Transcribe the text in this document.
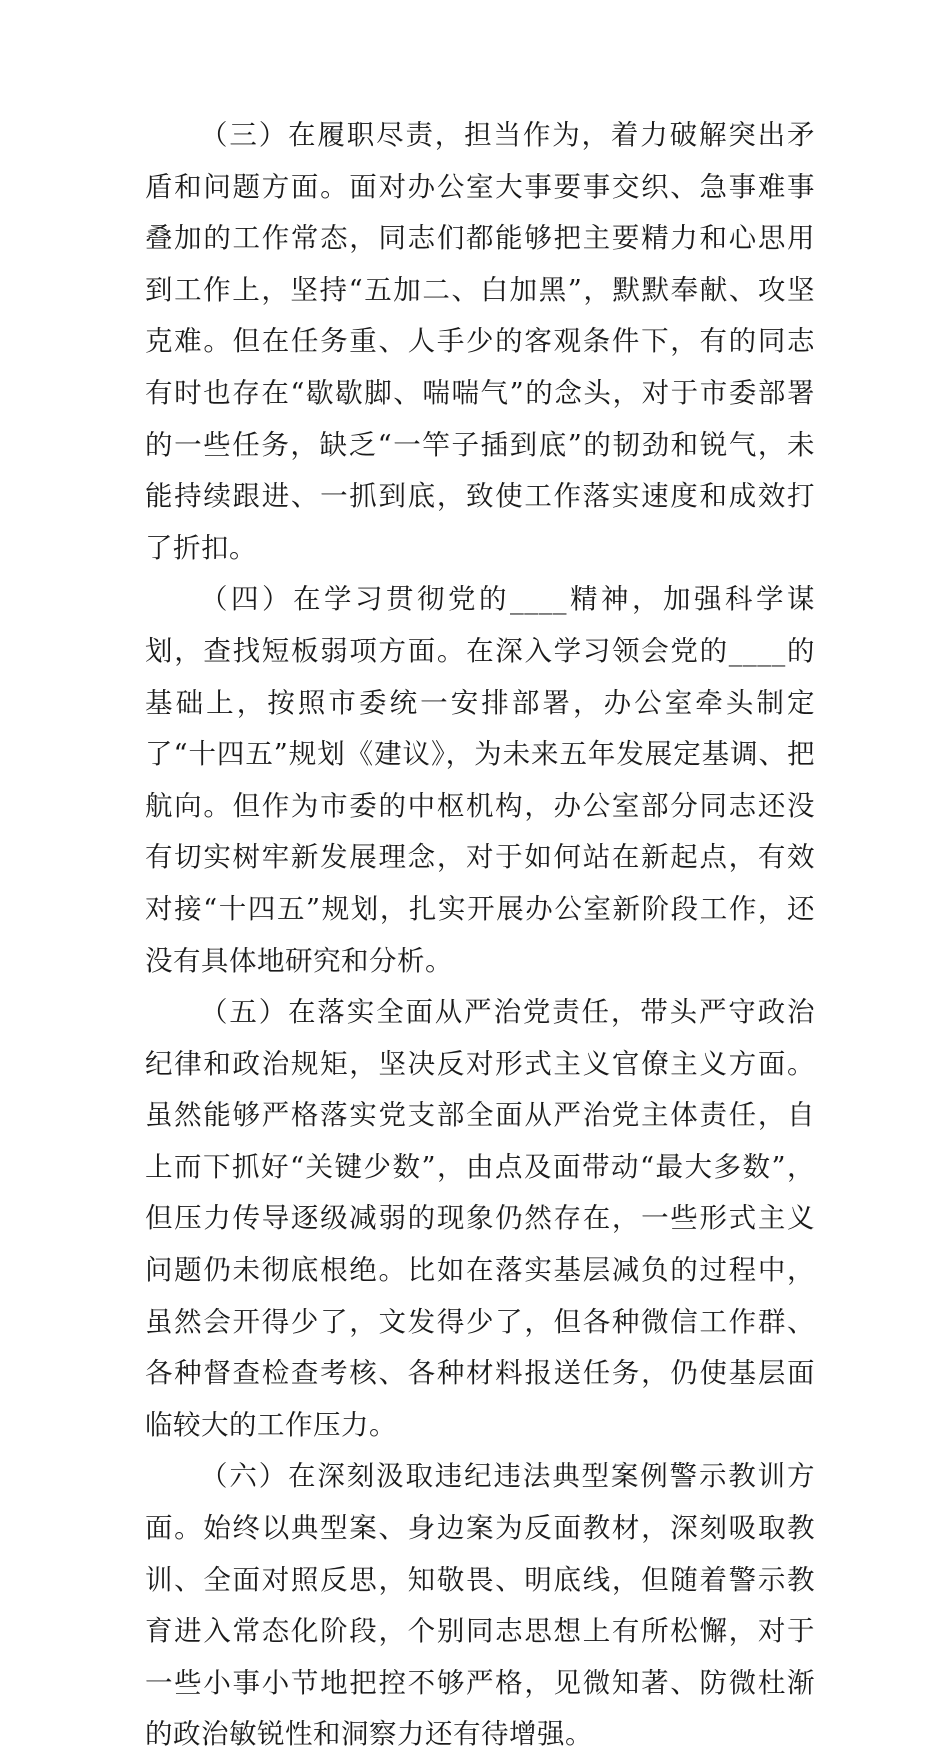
（三）在履职尽责，担当作为，着力破解突出矛盾和问题方面。面对办公室大事要事交织、急事难事叠加的工作常态，同志们都能够把主要精力和心思用到工作上，坚持“五加二、白加黑”，默默奉献、攻坚克难。但在任务重、人手少的客观条件下，有的同志有时也存在“歇歇脚、喘喘气”的念头，对于市委部署的一些任务，缺乏“一竿子插到底”的韧劲和锐气，未能持续跟进、一抓到底，致使工作落实速度和成效打了折扣。

（四）在学习贯彻党的____精神，加强科学谋划，查找短板弱项方面。在深入学习领会党的____的基础上，按照市委统一安排部署，办公室牵头制定了“十四五”规划《建议》，为未来五年发展定基调、把航向。但作为市委的中枢机构，办公室部分同志还没有切实树牢新发展理念，对于如何站在新起点，有效对接“十四五”规划，扎实开展办公室新阶段工作，还没有具体地研究和分析。

（五）在落实全面从严治党责任，带头严守政治纪律和政治规矩，坚决反对形式主义官僚主义方面。虽然能够严格落实党支部全面从严治党主体责任，自上而下抓好“关键少数”，由点及面带动“最大多数”，但压力传导逐级减弱的现象仍然存在，一些形式主义问题仍未彻底根绝。比如在落实基层减负的过程中，虽然会开得少了，文发得少了，但各种微信工作群、各种督查检查考核、各种材料报送任务，仍使基层面临较大的工作压力。

（六）在深刻汲取违纪违法典型案例警示教训方面。始终以典型案、身边案为反面教材，深刻吸取教训、全面对照反思，知敬畏、明底线，但随着警示教育进入常态化阶段，个别同志思想上有所松懈，对于一些小事小节地把控不够严格，见微知著、防微杜渐的政治敏锐性和洞察力还有待增强。
